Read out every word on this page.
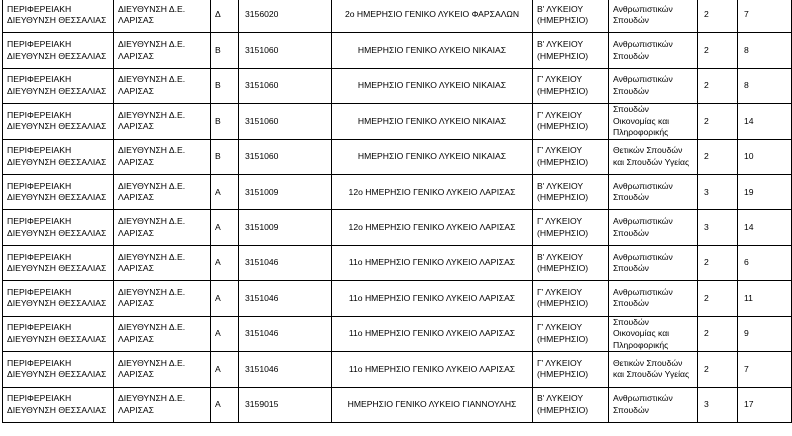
ΠΕΡΙΦΕΡΕΙΑΚΗ ΔΙΕΥΘΥΝΣΗ ΘΕΣΣΑΛΙΑΣ	ΔΙΕΥΘΥΝΣΗ Δ.Ε. ΛΑΡΙΣΑΣ	Δ	3156020	2ο ΗΜΕΡΗΣΙΟ ΓΕΝΙΚΟ ΛΥΚΕΙΟ ΦΑΡΣΑΛΩΝ	Β' ΛΥΚΕΙΟΥ (ΗΜΕΡΗΣΙΟ)	Ανθρωπιστικών Σπουδών	2	7
ΠΕΡΙΦΕΡΕΙΑΚΗ ΔΙΕΥΘΥΝΣΗ ΘΕΣΣΑΛΙΑΣ	ΔΙΕΥΘΥΝΣΗ Δ.Ε. ΛΑΡΙΣΑΣ	Β	3151060	ΗΜΕΡΗΣΙΟ ΓΕΝΙΚΟ ΛΥΚΕΙΟ ΝΙΚΑΙΑΣ	Β' ΛΥΚΕΙΟΥ (ΗΜΕΡΗΣΙΟ)	Ανθρωπιστικών Σπουδών	2	8
ΠΕΡΙΦΕΡΕΙΑΚΗ ΔΙΕΥΘΥΝΣΗ ΘΕΣΣΑΛΙΑΣ	ΔΙΕΥΘΥΝΣΗ Δ.Ε. ΛΑΡΙΣΑΣ	Β	3151060	ΗΜΕΡΗΣΙΟ ΓΕΝΙΚΟ ΛΥΚΕΙΟ ΝΙΚΑΙΑΣ	Γ' ΛΥΚΕΙΟΥ (ΗΜΕΡΗΣΙΟ)	Ανθρωπιστικών Σπουδών	2	8
ΠΕΡΙΦΕΡΕΙΑΚΗ ΔΙΕΥΘΥΝΣΗ ΘΕΣΣΑΛΙΑΣ	ΔΙΕΥΘΥΝΣΗ Δ.Ε. ΛΑΡΙΣΑΣ	Β	3151060	ΗΜΕΡΗΣΙΟ ΓΕΝΙΚΟ ΛΥΚΕΙΟ ΝΙΚΑΙΑΣ	Γ' ΛΥΚΕΙΟΥ (ΗΜΕΡΗΣΙΟ)	Σπουδών Οικονομίας και Πληροφορικής	2	14
ΠΕΡΙΦΕΡΕΙΑΚΗ ΔΙΕΥΘΥΝΣΗ ΘΕΣΣΑΛΙΑΣ	ΔΙΕΥΘΥΝΣΗ Δ.Ε. ΛΑΡΙΣΑΣ	Β	3151060	ΗΜΕΡΗΣΙΟ ΓΕΝΙΚΟ ΛΥΚΕΙΟ ΝΙΚΑΙΑΣ	Γ' ΛΥΚΕΙΟΥ (ΗΜΕΡΗΣΙΟ)	Θετικών Σπουδών και Σπουδών Υγείας	2	10
ΠΕΡΙΦΕΡΕΙΑΚΗ ΔΙΕΥΘΥΝΣΗ ΘΕΣΣΑΛΙΑΣ	ΔΙΕΥΘΥΝΣΗ Δ.Ε. ΛΑΡΙΣΑΣ	Α	3151009	12ο ΗΜΕΡΗΣΙΟ ΓΕΝΙΚΟ ΛΥΚΕΙΟ ΛΑΡΙΣΑΣ	Β' ΛΥΚΕΙΟΥ (ΗΜΕΡΗΣΙΟ)	Ανθρωπιστικών Σπουδών	3	19
ΠΕΡΙΦΕΡΕΙΑΚΗ ΔΙΕΥΘΥΝΣΗ ΘΕΣΣΑΛΙΑΣ	ΔΙΕΥΘΥΝΣΗ Δ.Ε. ΛΑΡΙΣΑΣ	Α	3151009	12ο ΗΜΕΡΗΣΙΟ ΓΕΝΙΚΟ ΛΥΚΕΙΟ ΛΑΡΙΣΑΣ	Γ' ΛΥΚΕΙΟΥ (ΗΜΕΡΗΣΙΟ)	Ανθρωπιστικών Σπουδών	3	14
ΠΕΡΙΦΕΡΕΙΑΚΗ ΔΙΕΥΘΥΝΣΗ ΘΕΣΣΑΛΙΑΣ	ΔΙΕΥΘΥΝΣΗ Δ.Ε. ΛΑΡΙΣΑΣ	Α	3151046	11ο ΗΜΕΡΗΣΙΟ ΓΕΝΙΚΟ ΛΥΚΕΙΟ ΛΑΡΙΣΑΣ	Β' ΛΥΚΕΙΟΥ (ΗΜΕΡΗΣΙΟ)	Ανθρωπιστικών Σπουδών	2	6
ΠΕΡΙΦΕΡΕΙΑΚΗ ΔΙΕΥΘΥΝΣΗ ΘΕΣΣΑΛΙΑΣ	ΔΙΕΥΘΥΝΣΗ Δ.Ε. ΛΑΡΙΣΑΣ	Α	3151046	11ο ΗΜΕΡΗΣΙΟ ΓΕΝΙΚΟ ΛΥΚΕΙΟ ΛΑΡΙΣΑΣ	Γ' ΛΥΚΕΙΟΥ (ΗΜΕΡΗΣΙΟ)	Ανθρωπιστικών Σπουδών	2	11
ΠΕΡΙΦΕΡΕΙΑΚΗ ΔΙΕΥΘΥΝΣΗ ΘΕΣΣΑΛΙΑΣ	ΔΙΕΥΘΥΝΣΗ Δ.Ε. ΛΑΡΙΣΑΣ	Α	3151046	11ο ΗΜΕΡΗΣΙΟ ΓΕΝΙΚΟ ΛΥΚΕΙΟ ΛΑΡΙΣΑΣ	Γ' ΛΥΚΕΙΟΥ (ΗΜΕΡΗΣΙΟ)	Σπουδών Οικονομίας και Πληροφορικής	2	9
ΠΕΡΙΦΕΡΕΙΑΚΗ ΔΙΕΥΘΥΝΣΗ ΘΕΣΣΑΛΙΑΣ	ΔΙΕΥΘΥΝΣΗ Δ.Ε. ΛΑΡΙΣΑΣ	Α	3151046	11ο ΗΜΕΡΗΣΙΟ ΓΕΝΙΚΟ ΛΥΚΕΙΟ ΛΑΡΙΣΑΣ	Γ' ΛΥΚΕΙΟΥ (ΗΜΕΡΗΣΙΟ)	Θετικών Σπουδών και Σπουδών Υγείας	2	7
ΠΕΡΙΦΕΡΕΙΑΚΗ ΔΙΕΥΘΥΝΣΗ ΘΕΣΣΑΛΙΑΣ	ΔΙΕΥΘΥΝΣΗ Δ.Ε. ΛΑΡΙΣΑΣ	Α	3159015	ΗΜΕΡΗΣΙΟ ΓΕΝΙΚΟ ΛΥΚΕΙΟ ΓΙΑΝΝΟΥΛΗΣ	Β' ΛΥΚΕΙΟΥ (ΗΜΕΡΗΣΙΟ)	Ανθρωπιστικών Σπουδών	3	17
